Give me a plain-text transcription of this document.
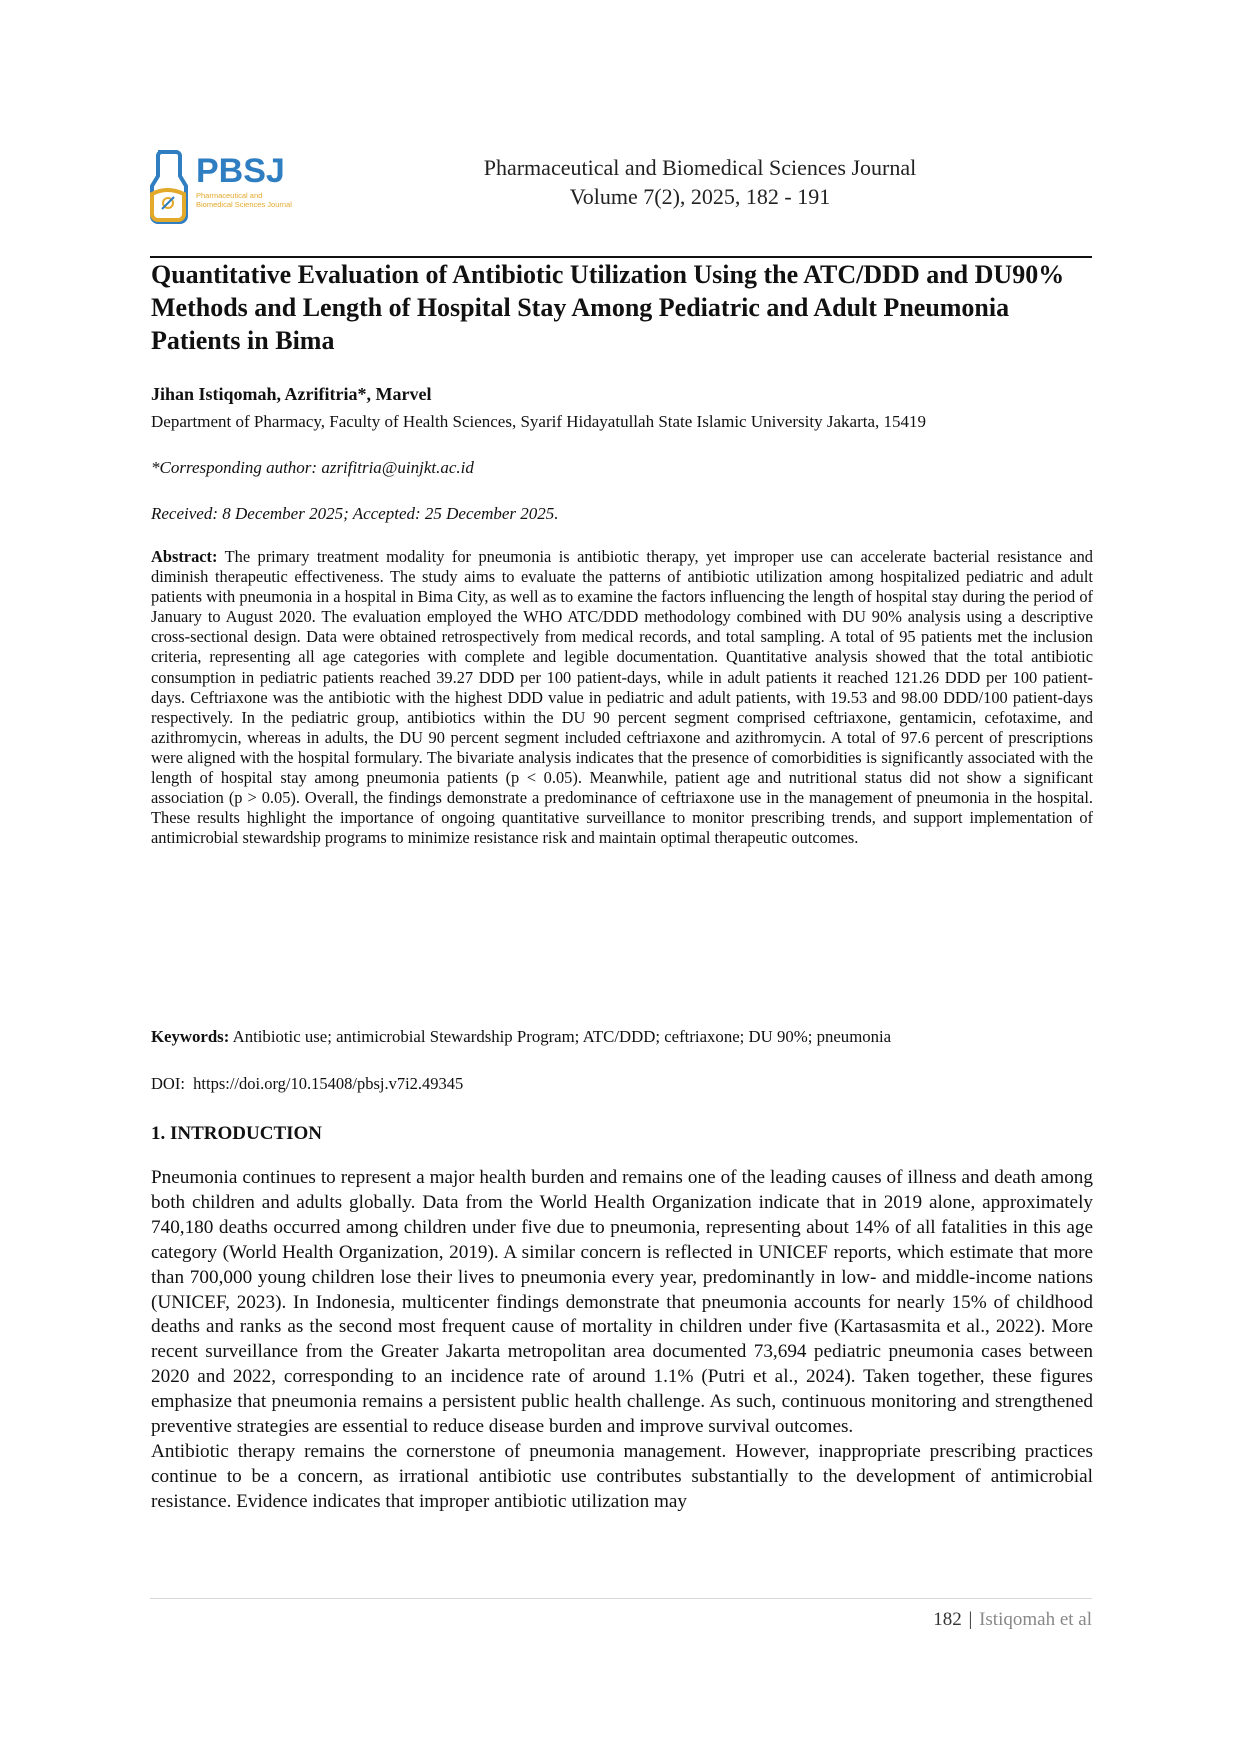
PBSJ
Pharmaceutical and
Biomedical Sciences Journal
Pharmaceutical and Biomedical Sciences Journal
Volume 7(2), 2025, 182 - 191
Quantitative Evaluation of Antibiotic Utilization Using the ATC/DDD and DU90% Methods and Length of Hospital Stay Among Pediatric and Adult Pneumonia Patients in Bima
Jihan Istiqomah, Azrifitria*, Marvel
Department of Pharmacy, Faculty of Health Sciences, Syarif Hidayatullah State Islamic University Jakarta, 15419
*Corresponding author: azrifitria@uinjkt.ac.id
Received: 8 December 2025; Accepted: 25 December 2025.

Abstract: The primary treatment modality for pneumonia is antibiotic therapy, yet improper use can accelerate bacterial resistance and diminish therapeutic effectiveness. The study aims to evaluate the patterns of antibiotic utilization among hospitalized pediatric and adult patients with pneumonia in a hospital in Bima City, as well as to examine the factors influencing the length of hospital stay during the period of January to August 2020. The evaluation employed the WHO ATC/DDD methodology combined with DU 90% analysis using a descriptive cross-sectional design. Data were obtained retrospectively from medical records, and total sampling. A total of 95 patients met the inclusion criteria, representing all age categories with complete and legible documentation. Quantitative analysis showed that the total antibiotic consumption in pediatric patients reached 39.27 DDD per 100 patient-days, while in adult patients it reached 121.26 DDD per 100 patient-days. Ceftriaxone was the antibiotic with the highest DDD value in pediatric and adult patients, with 19.53 and 98.00 DDD/100 patient-days respectively. In the pediatric group, antibiotics within the DU 90 percent segment comprised ceftriaxone, gentamicin, cefotaxime, and azithromycin, whereas in adults, the DU 90 percent segment included ceftriaxone and azithromycin. A total of 97.6 percent of prescriptions were aligned with the hospital formulary. The bivariate analysis indicates that the presence of comorbidities is significantly associated with the length of hospital stay among pneumonia patients (p < 0.05). Meanwhile, patient age and nutritional status did not show a significant association (p > 0.05). Overall, the findings demonstrate a predominance of ceftriaxone use in the management of pneumonia in the hospital. These results highlight the importance of ongoing quantitative surveillance to monitor prescribing trends, and support implementation of antimicrobial stewardship programs to minimize resistance risk and maintain optimal therapeutic outcomes.

Keywords: Antibiotic use; antimicrobial Stewardship Program; ATC/DDD; ceftriaxone; DU 90%; pneumonia
DOI: https://doi.org/10.15408/pbsj.v7i2.49345
1. INTRODUCTION

Pneumonia continues to represent a major health burden and remains one of the leading causes of illness and death among both children and adults globally. Data from the World Health Organization indicate that in 2019 alone, approximately 740,180 deaths occurred among children under five due to pneumonia, representing about 14% of all fatalities in this age category (World Health Organization, 2019). A similar concern is reflected in UNICEF reports, which estimate that more than 700,000 young children lose their lives to pneumonia every year, predominantly in low- and middle-income nations (UNICEF, 2023). In Indonesia, multicenter findings demonstrate that pneumonia accounts for nearly 15% of childhood deaths and ranks as the second most frequent cause of mortality in children under five (Kartasasmita et al., 2022). More recent surveillance from the Greater Jakarta metropolitan area documented 73,694 pediatric pneumonia cases between 2020 and 2022, corresponding to an incidence rate of around 1.1% (Putri et al., 2024). Taken together, these figures emphasize that pneumonia remains a persistent public health challenge. As such, continuous monitoring and strengthened preventive strategies are essential to reduce disease burden and improve survival outcomes.

Antibiotic therapy remains the cornerstone of pneumonia management. However, inappropriate prescribing practices continue to be a concern, as irrational antibiotic use contributes substantially to the development of antimicrobial resistance. Evidence indicates that improper antibiotic utilization may

182 | Istiqomah et al
